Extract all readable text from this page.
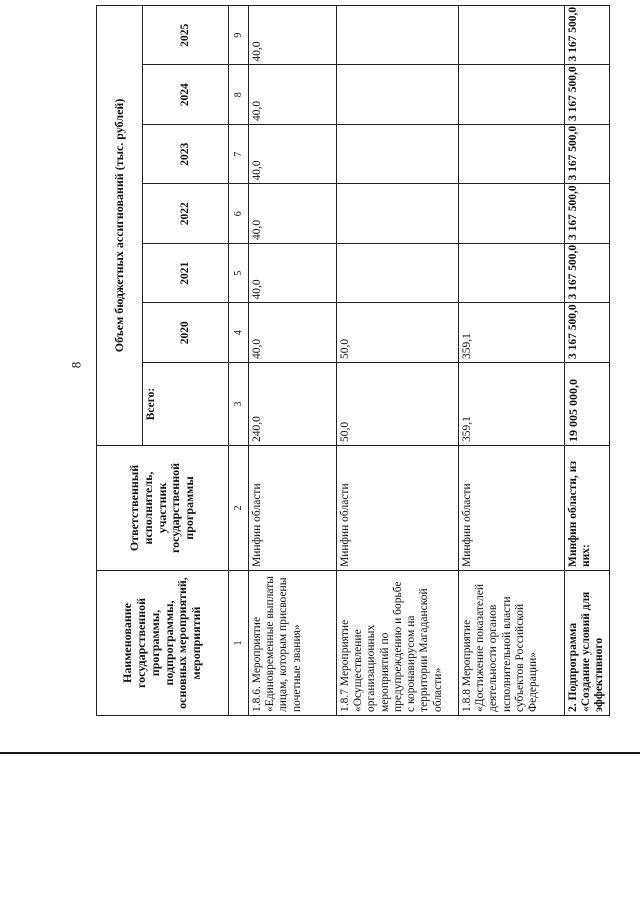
8
Наименование государственной программы, подпрограммы, основных мероприятий, мероприятий	Ответственный исполнитель, участник государственной программы	Объем бюджетных ассигнований (тыс. рублей)						
		Всего:	2020	2021	2022	2023	2024	2025
1	2	3	4	5	6	7	8	9
1.8.6. Мероприятие «Единовременные выплаты лицам, которым присвоены почетные звания»	Минфин области	240,0	40,0	40,0	40,0	40,0	40,0	40,0
1.8.7 Мероприятие «Осуществление организационных мероприятий по предупреждению и борьбе с коронавирусом на территории Магаданской области»	Минфин области	50,0	50,0					
1.8.8 Мероприятие «Достижение показателей деятельности органов исполнительной власти субъектов Российской Федерации»	Минфин области	359,1	359,1					
2. Подпрограмма «Создание условий для эффективного	Минфин области, из них:	19 005 000,0	3 167 500,0	3 167 500,0	3 167 500,0	3 167 500,0	3 167 500,0	3 167 500,0
